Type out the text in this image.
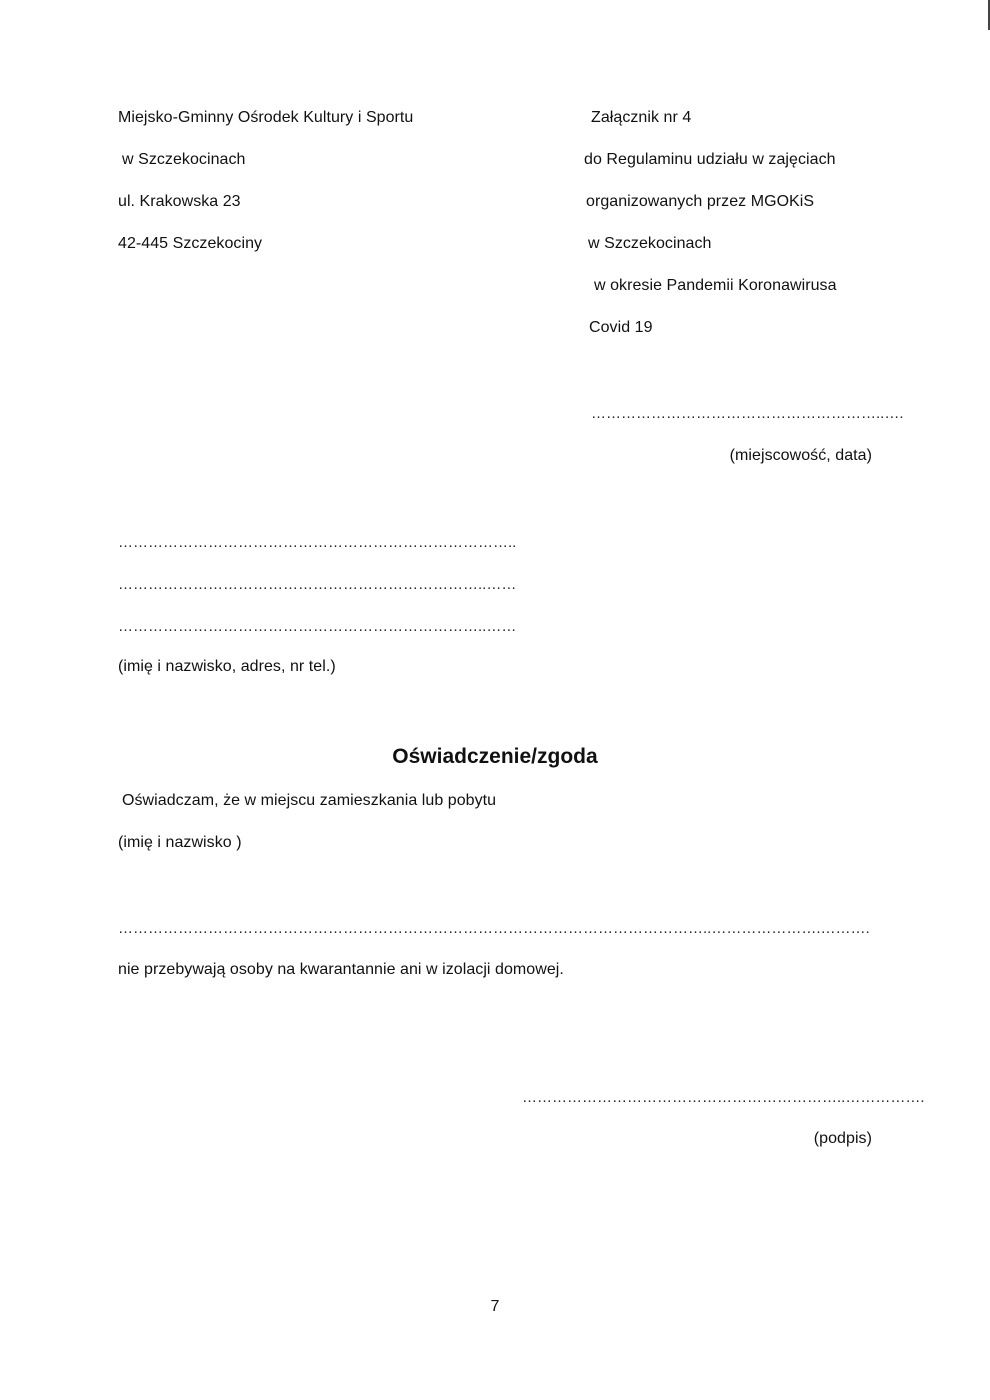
Miejsko-Gminny Ośrodek Kultury i Sportu
w Szczekocinach
ul. Krakowska 23
42-445 Szczekociny
Załącznik nr 4
do Regulaminu udziału w zajęciach
organizowanych przez MGOKiS
w Szczekocinach
w okresie Pandemii Koronawirusa
Covid 19
…………………………………………………..….
(miejscowość, data)
……………………………………………………………………..
………………………………………………………………..……
………………………………………………………………..……
(imię i nazwisko, adres, nr tel.)
Oświadczenie/zgoda
Oświadczam, że w miejscu zamieszkania lub pobytu
(imię i nazwisko )
………………………………………………………………………………………………………..………………….……….
nie przebywają osoby na kwarantannie ani w izolacji domowej.
………………………………………………………..…………….
(podpis)
7
